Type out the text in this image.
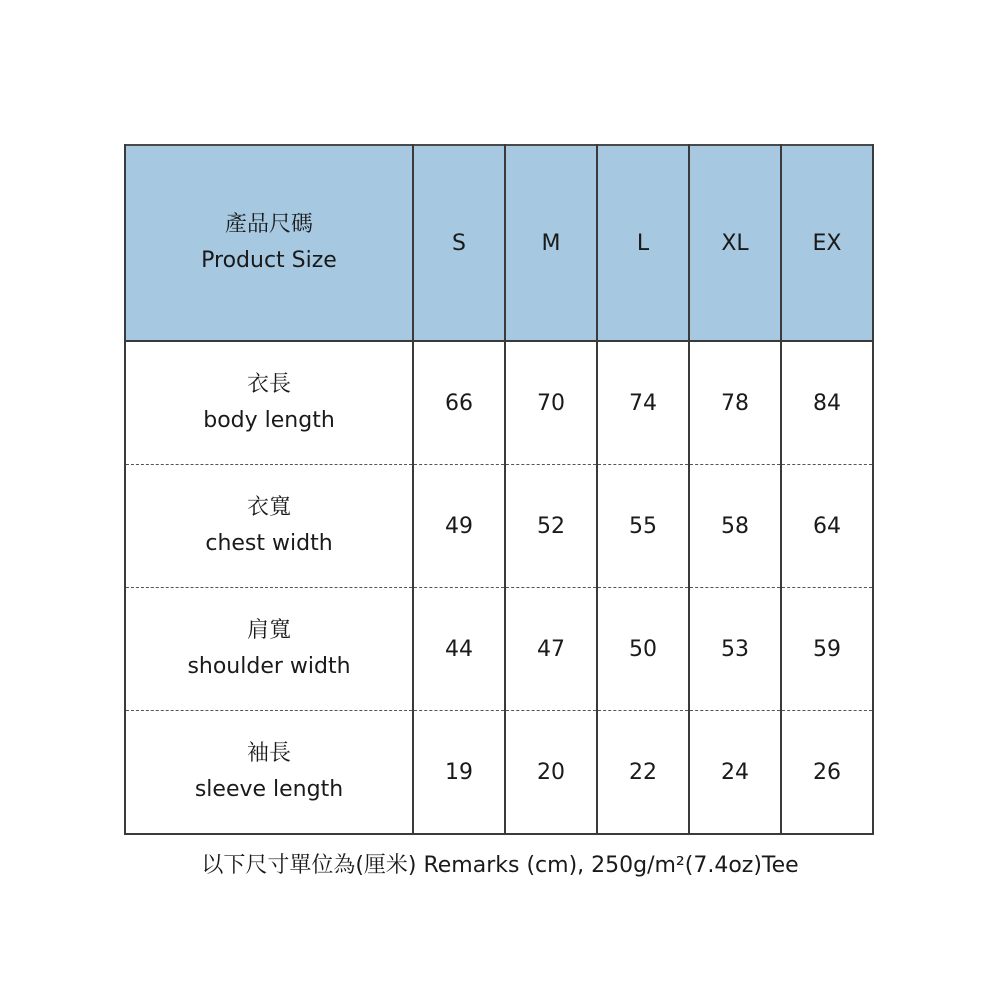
產品尺碼
Product Size	S	M	L	XL	EX

衣長
body length	66	70	74	78	84

衣寬
chest width	49	52	55	58	64

肩寬
shoulder width	44	47	50	53	59

袖長
sleeve length	19	20	22	24	26
以下尺寸單位為(厘米) Remarks (cm), 250g/m²(7.4oz)Tee
